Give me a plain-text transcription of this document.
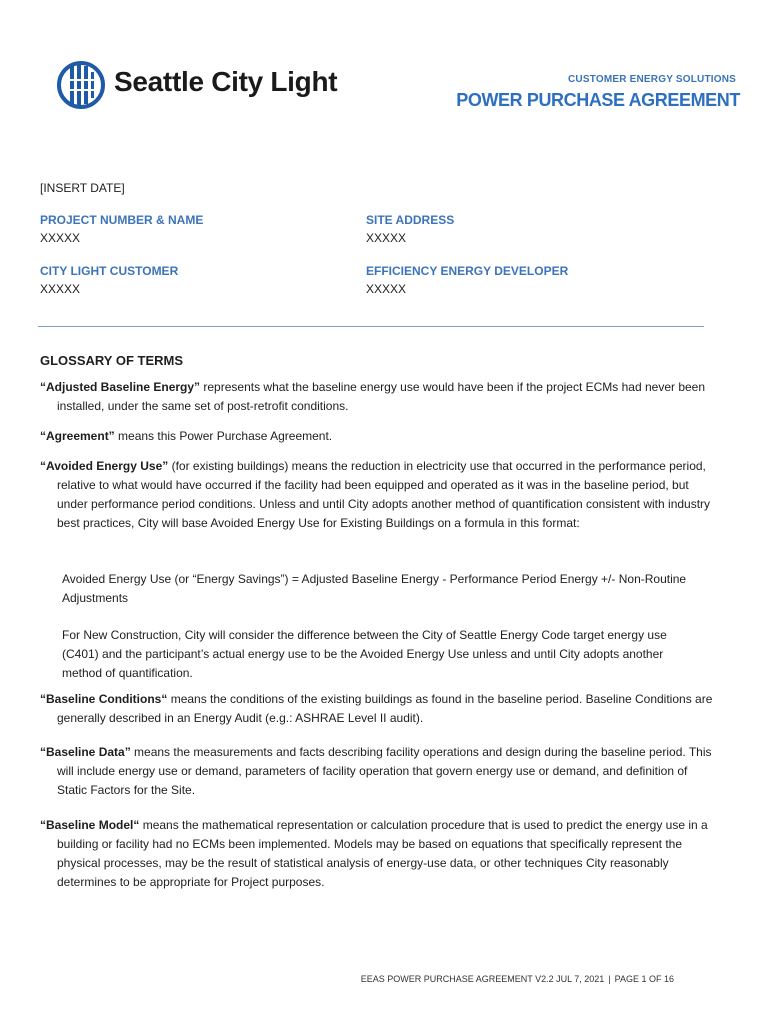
Seattle City Light	CUSTOMER ENERGY SOLUTIONS
POWER PURCHASE AGREEMENT
[INSERT DATE]
PROJECT NUMBER & NAME
XXXXX
SITE ADDRESS
XXXXX
CITY LIGHT CUSTOMER
XXXXX
EFFICIENCY ENERGY DEVELOPER
XXXXX
GLOSSARY OF TERMS
“Adjusted Baseline Energy” represents what the baseline energy use would have been if the project ECMs had never been installed, under the same set of post-retrofit conditions.
“Agreement” means this Power Purchase Agreement.
“Avoided Energy Use” (for existing buildings) means the reduction in electricity use that occurred in the performance period, relative to what would have occurred if the facility had been equipped and operated as it was in the baseline period, but under performance period conditions. Unless and until City adopts another method of quantification consistent with industry best practices, City will base Avoided Energy Use for Existing Buildings on a formula in this format:
Avoided Energy Use (or “Energy Savings”) = Adjusted Baseline Energy - Performance Period Energy +/- Non-Routine Adjustments
For New Construction, City will consider the difference between the City of Seattle Energy Code target energy use (C401) and the participant’s actual energy use to be the Avoided Energy Use unless and until City adopts another method of quantification.
“Baseline Conditions“ means the conditions of the existing buildings as found in the baseline period. Baseline Conditions are generally described in an Energy Audit (e.g.: ASHRAE Level II audit).
“Baseline Data” means the measurements and facts describing facility operations and design during the baseline period. This will include energy use or demand, parameters of facility operation that govern energy use or demand, and definition of Static Factors for the Site.
“Baseline Model“ means the mathematical representation or calculation procedure that is used to predict the energy use in a building or facility had no ECMs been implemented. Models may be based on equations that specifically represent the physical processes, may be the result of statistical analysis of energy-use data, or other techniques City reasonably determines to be appropriate for Project purposes.
EEAS POWER PURCHASE AGREEMENT V2.2 JUL 7, 2021 | PAGE 1 OF 16
